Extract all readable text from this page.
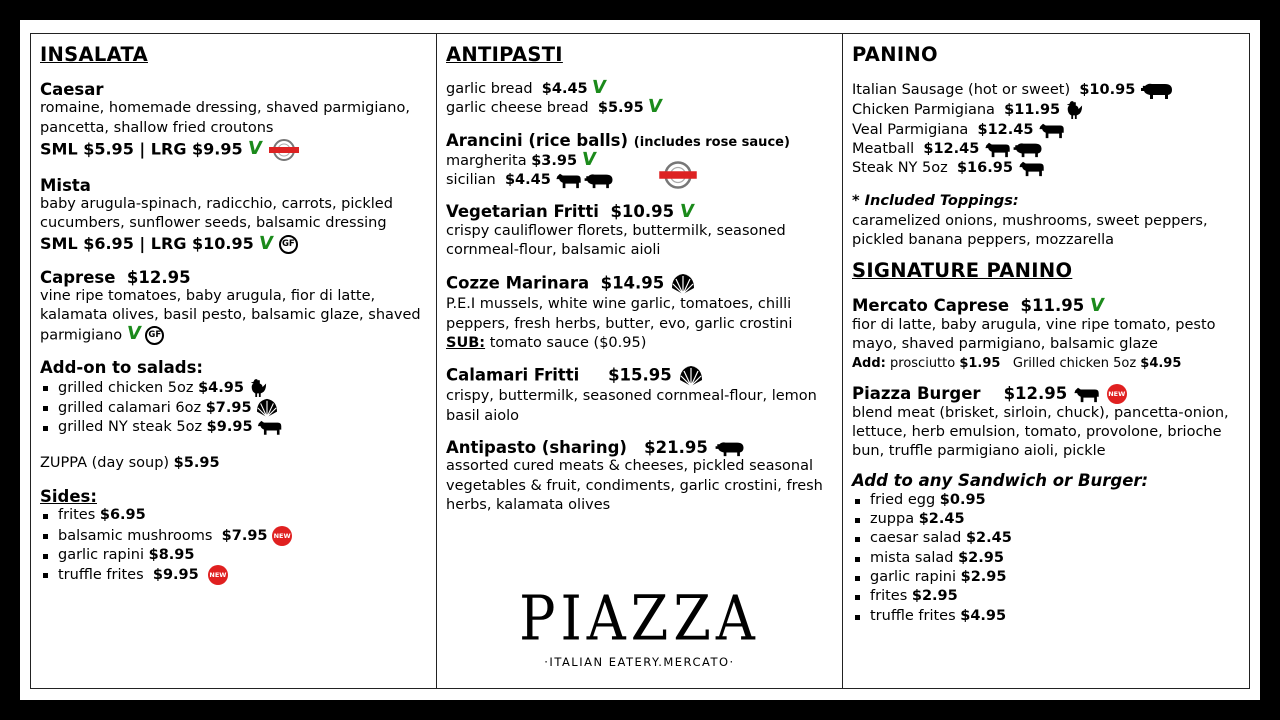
INSALATA
Caesar
romaine, homemade dressing, shaved parmigiano, pancetta, shallow fried croutons
SML $5.95 | LRG $9.95 V
Mista
baby arugula-spinach, radicchio, carrots, pickled cucumbers, sunflower seeds, balsamic dressing
SML $6.95 | LRG $10.95 V GF
Caprese $12.95
vine ripe tomatoes, baby arugula, fior di latte, kalamata olives, basil pesto, balsamic glaze, shaved parmigiano V GF
Add-on to salads:
grilled chicken 5oz $4.95
grilled calamari 6oz $7.95
grilled NY steak 5oz $9.95
ZUPPA (day soup) $5.95
Sides:
frites $6.95
balsamic mushrooms $7.95 NEW
garlic rapini $8.95
truffle frites $9.95 NEW
ANTIPASTI
garlic bread $4.45 V
garlic cheese bread $5.95 V
Arancini (rice balls) (includes rose sauce)
margherita $3.95 V
sicilian $4.45
Vegetarian Fritti $10.95 V
crispy cauliflower florets, buttermilk, seasoned cornmeal-flour, balsamic aioli
Cozze Marinara $14.95
P.E.I mussels, white wine garlic, tomatoes, chilli peppers, fresh herbs, butter, evo, garlic crostini SUB: tomato sauce ($0.95)
Calamari Fritti $15.95
crispy, buttermilk, seasoned cornmeal-flour, lemon basil aiolo
Antipasto (sharing) $21.95
assorted cured meats & cheeses, pickled seasonal vegetables & fruit, condiments, garlic crostini, fresh herbs, kalamata olives
PIAZZA
·ITALIAN EATERY.MERCATO·
PANINO
Italian Sausage (hot or sweet) $10.95
Chicken Parmigiana $11.95
Veal Parmigiana $12.45
Meatball $12.45
Steak NY 5oz $16.95
* Included Toppings:
caramelized onions, mushrooms, sweet peppers, pickled banana peppers, mozzarella
SIGNATURE PANINO
Mercato Caprese $11.95 V
fior di latte, baby arugula, vine ripe tomato, pesto mayo, shaved parmigiano, balsamic glaze
Add: prosciutto $1.95 Grilled chicken 5oz $4.95
Piazza Burger $12.95	NEW
blend meat (brisket, sirloin, chuck), pancetta-onion, lettuce, herb emulsion, tomato, provolone, brioche bun, truffle parmigiano aioli, pickle
Add to any Sandwich or Burger:
fried egg $0.95
zuppa $2.45
caesar salad $2.45
mista salad $2.95
garlic rapini $2.95
frites $2.95
truffle frites $4.95
